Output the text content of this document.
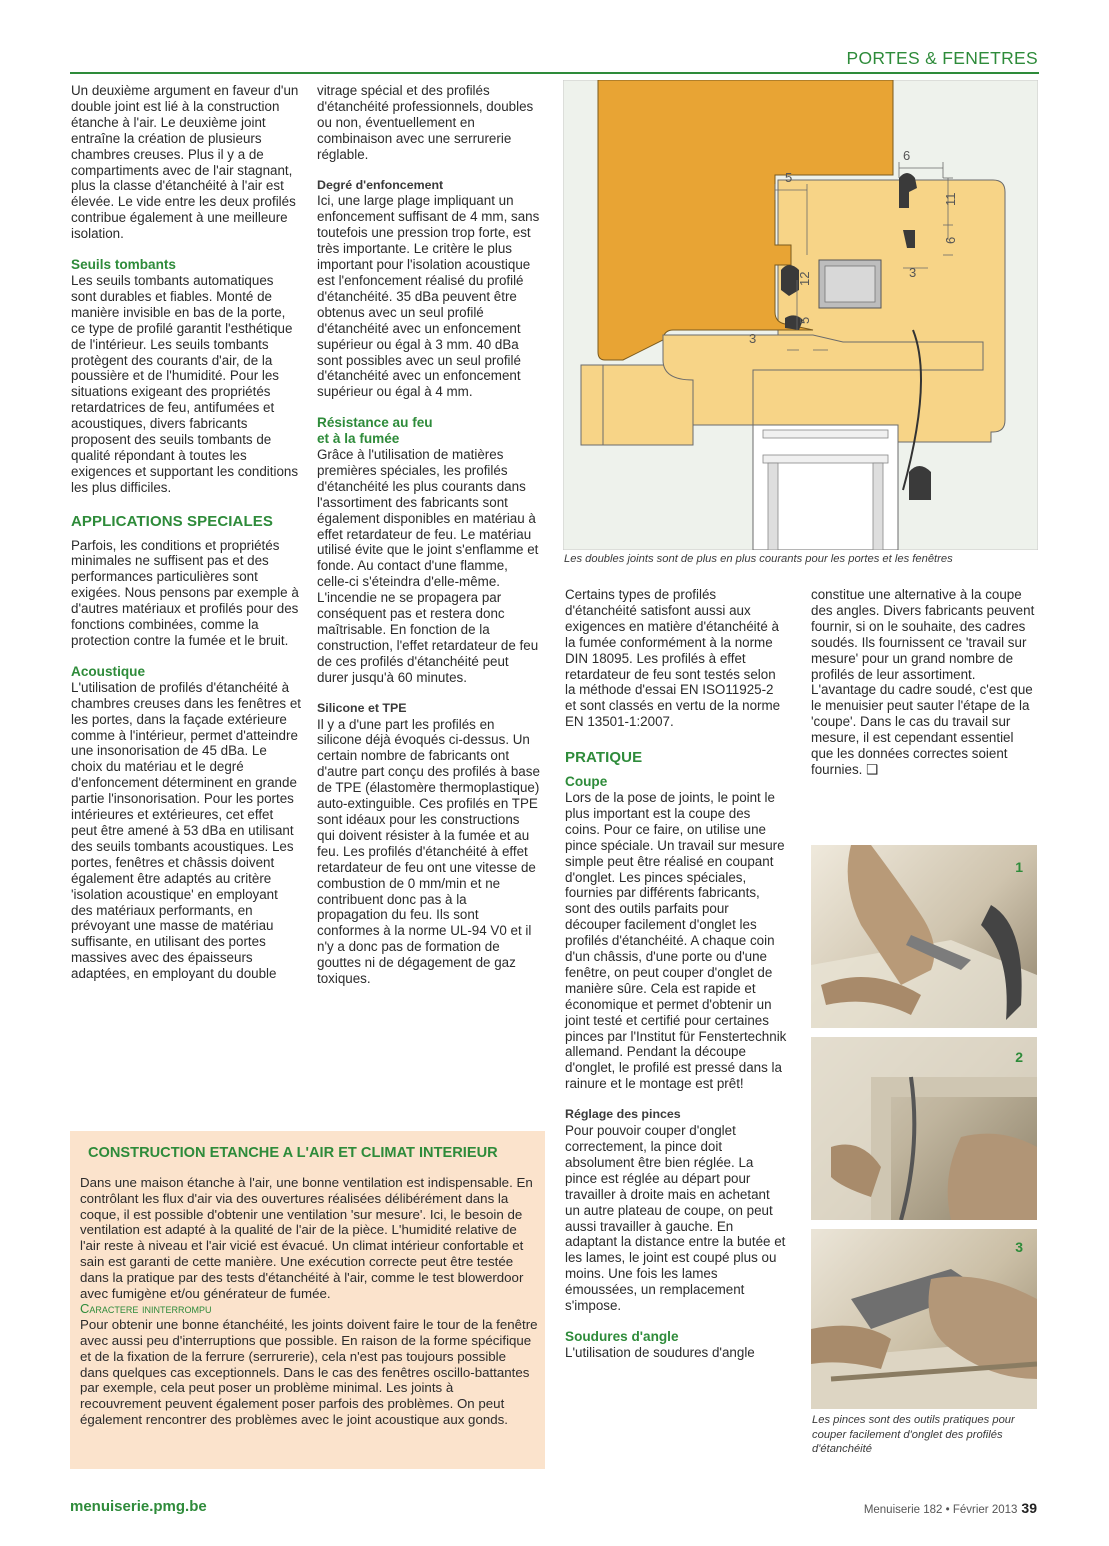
PORTES & FENETRES

Un deuxième argument en faveur d'un double joint est lié à la construction étanche à l'air. Le deuxième joint entraîne la création de plusieurs chambres creuses. Plus il y a de compartiments avec de l'air stagnant, plus la classe d'étanchéité à l'air est élevée. Le vide entre les deux profilés contribue également à une meilleure isolation.

Seuils tombants

Les seuils tombants automatiques sont durables et fiables. Monté de manière invisible en bas de la porte, ce type de profilé garantit l'esthétique de l'intérieur. Les seuils tombants protègent des courants d'air, de la poussière et de l'humidité. Pour les situations exigeant des propriétés retardatrices de feu, antifumées et acoustiques, divers fabricants proposent des seuils tombants de qualité répondant à toutes les exigences et supportant les conditions les plus difficiles.

APPLICATIONS SPECIALES

Parfois, les conditions et propriétés minimales ne suffisent pas et des performances particulières sont exigées. Nous pensons par exemple à d'autres matériaux et profilés pour des fonctions combinées, comme la protection contre la fumée et le bruit.

Acoustique

L'utilisation de profilés d'étanchéité à chambres creuses dans les fenêtres et les portes, dans la façade extérieure comme à l'intérieur, permet d'atteindre une insonorisation de 45 dBa. Le choix du matériau et le degré d'enfoncement déterminent en grande partie l'insonorisation. Pour les portes intérieures et extérieures, cet effet peut être amené à 53 dBa en utilisant des seuils tombants acoustiques. Les portes, fenêtres et châssis doivent également être adaptés au critère 'isolation acoustique' en employant des matériaux performants, en prévoyant une masse de matériau suffisante, en utilisant des portes massives avec des épaisseurs adaptées, en employant du double

vitrage spécial et des profilés d'étanchéité professionnels, doubles ou non, éventuellement en combinaison avec une serrurerie réglable.

Degré d'enfoncement

Ici, une large plage impliquant un enfoncement suffisant de 4 mm, sans toutefois une pression trop forte, est très importante. Le critère le plus important pour l'isolation acoustique est l'enfoncement réalisé du profilé d'étanchéité. 35 dBa peuvent être obtenus avec un seul profilé d'étanchéité avec un enfoncement supérieur ou égal à 3 mm. 40 dBa sont possibles avec un seul profilé d'étanchéité avec un enfoncement supérieur ou égal à 4 mm.

Résistance au feu

et à la fumée

Grâce à l'utilisation de matières premières spéciales, les profilés d'étanchéité les plus courants dans l'assortiment des fabricants sont également disponibles en matériau à effet retardateur de feu. Le matériau utilisé évite que le joint s'enflamme et fonde. Au contact d'une flamme, celle-ci s'éteindra d'elle-même. L'incendie ne se propagera par conséquent pas et restera donc maîtrisable. En fonction de la construction, l'effet retardateur de feu de ces profilés d'étanchéité peut durer jusqu'à 60 minutes.

Silicone et TPE

Il y a d'une part les profilés en silicone déjà évoqués ci-dessus. Un certain nombre de fabricants ont d'autre part conçu des profilés à base de TPE (élastomère thermoplastique) auto-extinguible. Ces profilés en TPE sont idéaux pour les constructions qui doivent résister à la fumée et au feu. Les profilés d'étanchéité à effet retardateur de feu ont une vitesse de combustion de 0 mm/min et ne contribuent donc pas à la propagation du feu. Ils sont conformes à la norme UL-94 V0 et il n'y a donc pas de formation de gouttes ni de dégagement de gaz toxiques.

6
5
11
6
3
12
5
3
Les doubles joints sont de plus en plus courants pour les portes et les fenêtres

Certains types de profilés d'étanchéité satisfont aussi aux exigences en matière d'étanchéité à la fumée conformément à la norme DIN 18095. Les profilés à effet retardateur de feu sont testés selon la méthode d'essai EN ISO11925-2 et sont classés en vertu de la norme EN 13501-1:2007.

PRATIQUE

Coupe

Lors de la pose de joints, le point le plus important est la coupe des coins. Pour ce faire, on utilise une pince spéciale. Un travail sur mesure simple peut être réalisé en coupant d'onglet. Les pinces spéciales, fournies par différents fabricants, sont des outils parfaits pour découper facilement d'onglet les profilés d'étanchéité. A chaque coin d'un châssis, d'une porte ou d'une fenêtre, on peut couper d'onglet de manière sûre. Cela est rapide et économique et permet d'obtenir un joint testé et certifié pour certaines pinces par l'Institut für Fenstertechnik allemand. Pendant la découpe d'onglet, le profilé est pressé dans la rainure et le montage est prêt!

Réglage des pinces

Pour pouvoir couper d'onglet correctement, la pince doit absolument être bien réglée. La pince est réglée au départ pour travailler à droite mais en achetant un autre plateau de coupe, on peut aussi travailler à gauche. En adaptant la distance entre la butée et les lames, le joint est coupé plus ou moins. Une fois les lames émoussées, un remplacement s'impose.

Soudures d'angle

L'utilisation de soudures d'angle

constitue une alternative à la coupe des angles. Divers fabricants peuvent fournir, si on le souhaite, des cadres soudés. Ils fournissent ce 'travail sur mesure' pour un grand nombre de profilés de leur assortiment. L'avantage du cadre soudé, c'est que le menuisier peut sauter l'étape de la 'coupe'. Dans le cas du travail sur mesure, il est cependant essentiel que les données correctes soient fournies. ❑

1
2
3
Les pinces sont des outils pratiques pour couper facilement d'onglet des profilés d'étanchéité
CONSTRUCTION ETANCHE A L'AIR ET CLIMAT INTERIEUR

Dans une maison étanche à l'air, une bonne ventilation est indispensable. En contrôlant les flux d'air via des ouvertures réalisées délibérément dans la coque, il est possible d'obtenir une ventilation 'sur mesure'. Ici, le besoin de ventilation est adapté à la qualité de l'air de la pièce. L'humidité relative de l'air reste à niveau et l'air vicié est évacué. Un climat intérieur confortable et sain est garanti de cette manière. Une exécution correcte peut être testée dans la pratique par des tests d'étanchéité à l'air, comme le test blowerdoor avec fumigène et/ou générateur de fumée.

Caractere ininterrompu

Pour obtenir une bonne étanchéité, les joints doivent faire le tour de la fenêtre avec aussi peu d'interruptions que possible. En raison de la forme spécifique et de la fixation de la ferrure (serrurerie), cela n'est pas toujours possible dans quelques cas exceptionnels. Dans le cas des fenêtres oscillo-battantes par exemple, cela peut poser un problème minimal. Les joints à recouvrement peuvent également poser parfois des problèmes. On peut également rencontrer des problèmes avec le joint acoustique aux gonds.

menuiserie.pmg.be	Menuiserie 182 • Février 2013 39
